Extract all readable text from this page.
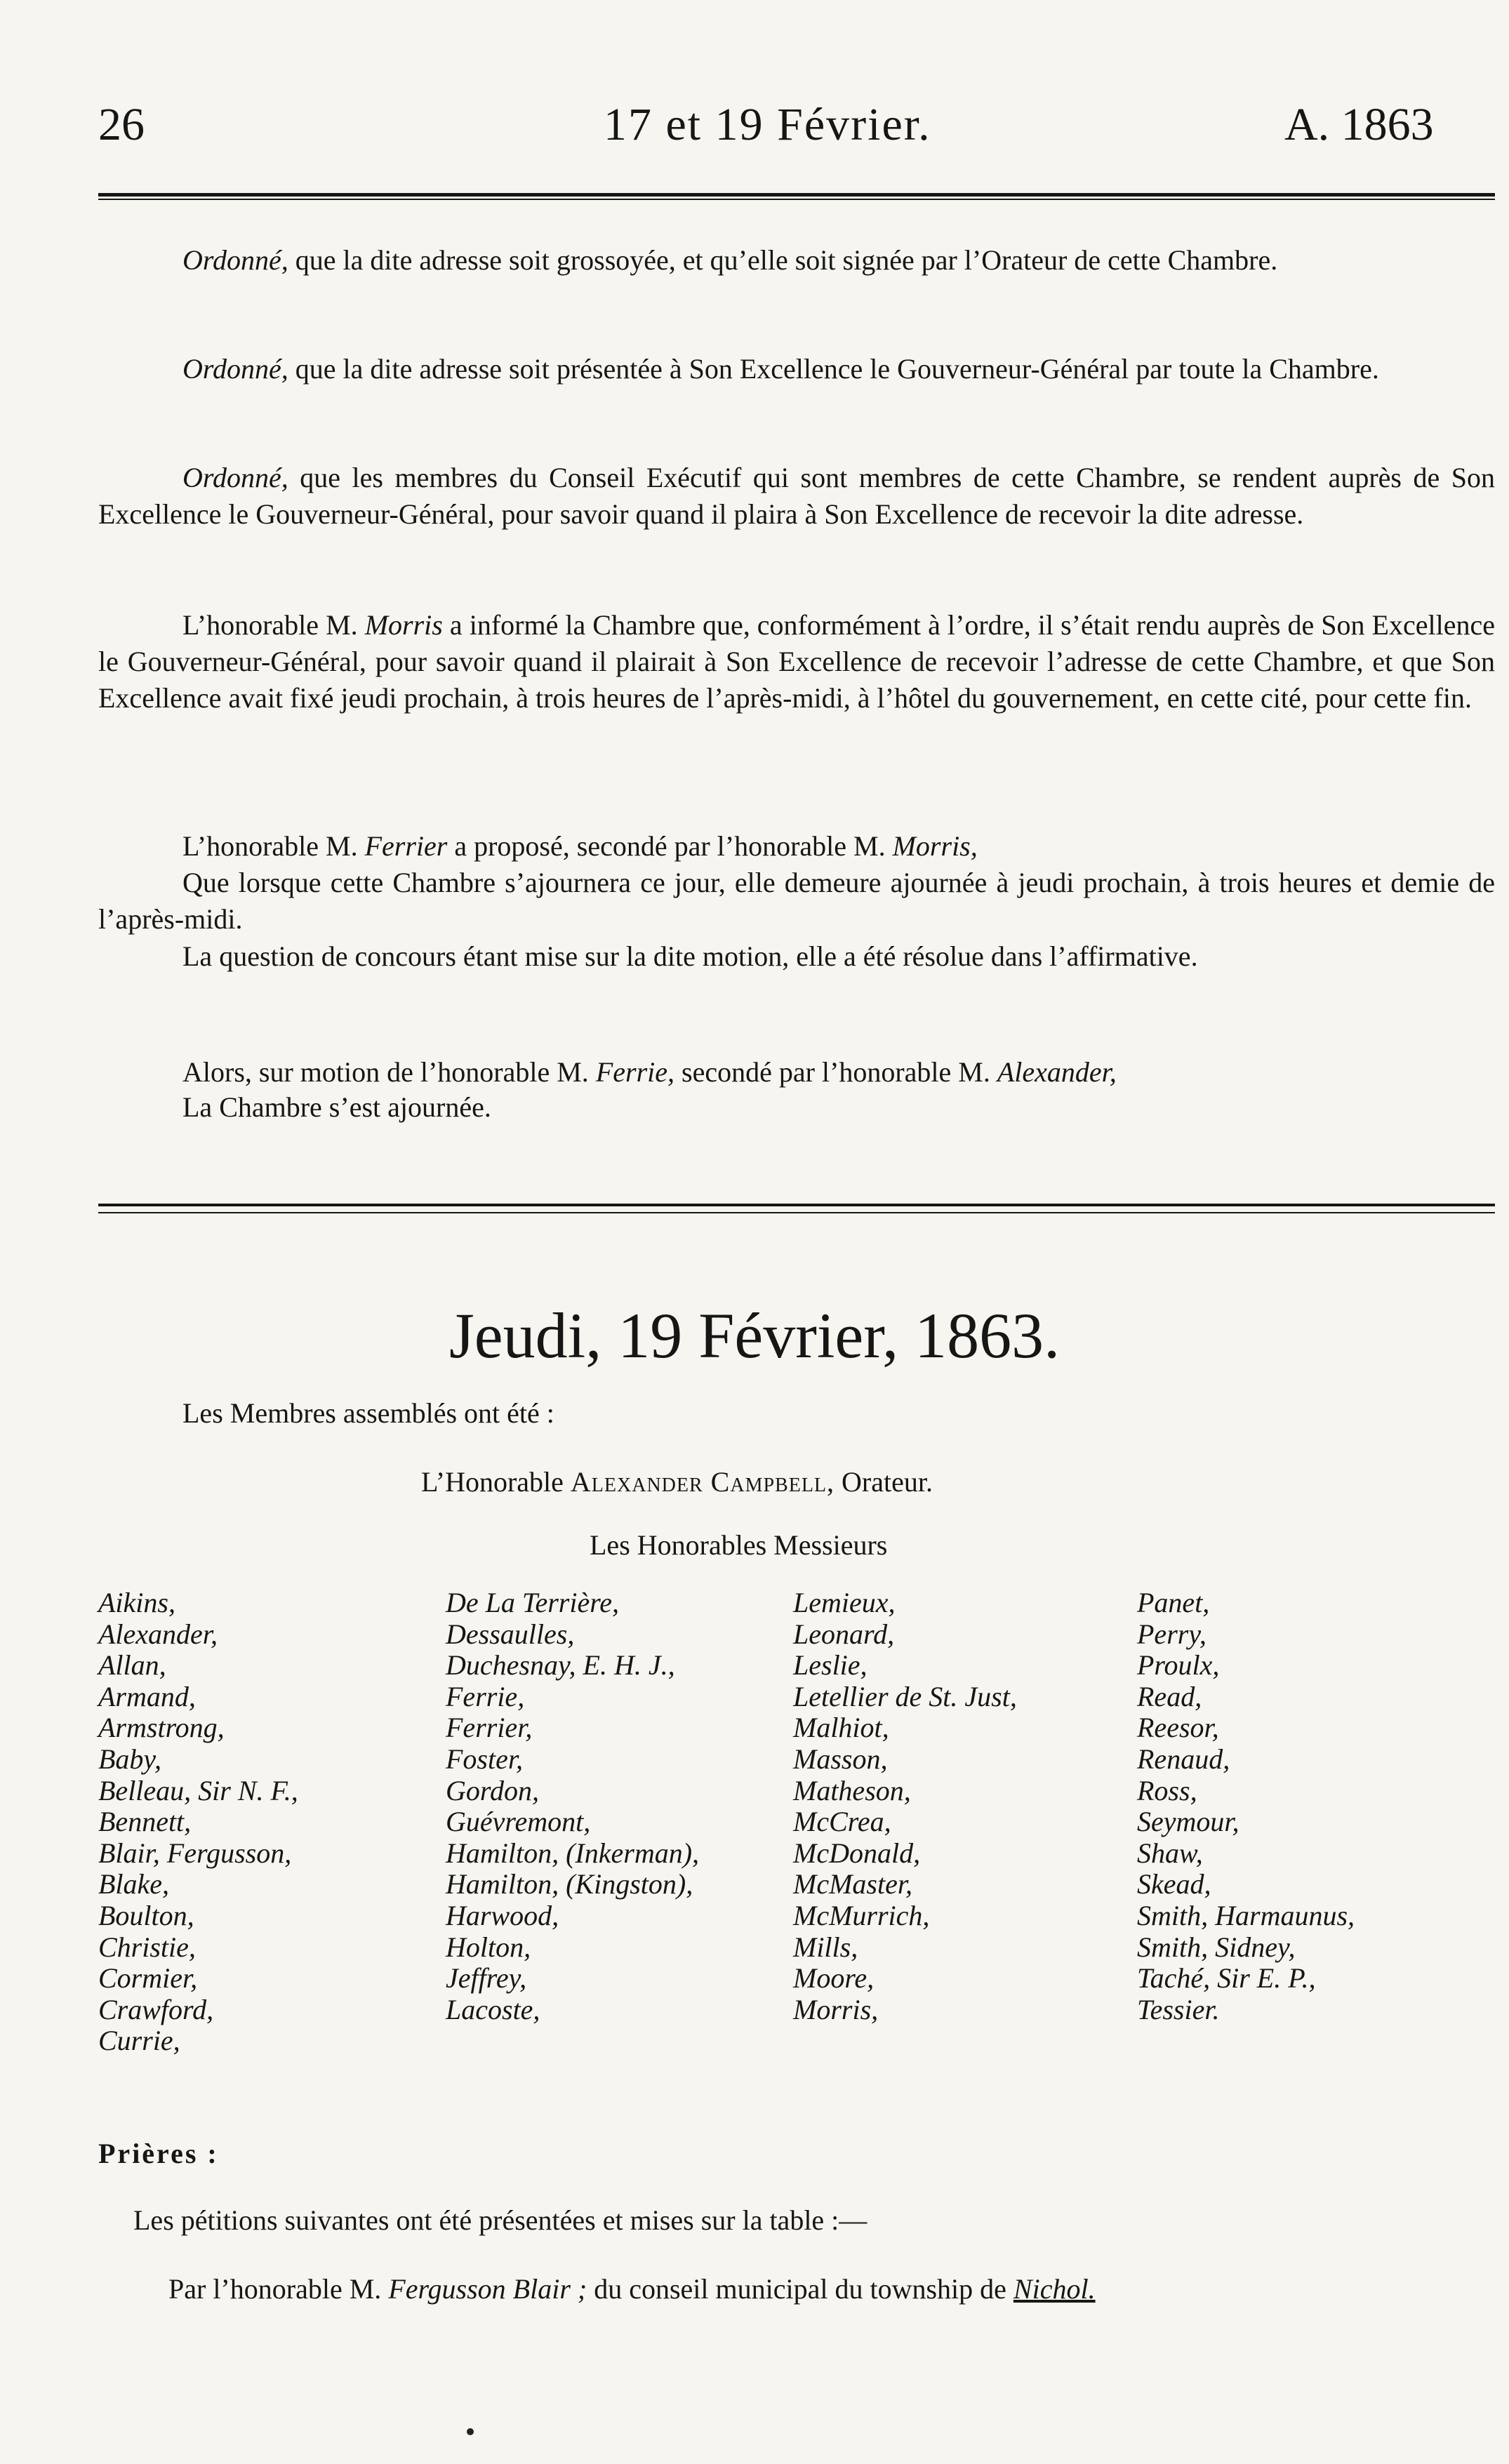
26	17 et 19 Février.	A. 1863
Ordonné, que la dite adresse soit grossoyée, et qu’elle soit signée par l’Orateur de cette Chambre.
Ordonné, que la dite adresse soit présentée à Son Excellence le Gouverneur-Général par toute la Chambre.
Ordonné, que les membres du Conseil Exécutif qui sont membres de cette Chambre, se rendent auprès de Son Excellence le Gouverneur-Général, pour savoir quand il plaira à Son Excellence de recevoir la dite adresse.
L’honorable M. Morris a informé la Chambre que, conformément à l’ordre, il s’était rendu auprès de Son Excellence le Gouverneur-Général, pour savoir quand il plairait à Son Excellence de recevoir l’adresse de cette Chambre, et que Son Excellence avait fixé jeudi prochain, à trois heures de l’après-midi, à l’hôtel du gouvernement, en cette cité, pour cette fin.
L’honorable M. Ferrier a proposé, secondé par l’honorable M. Morris,
Que lorsque cette Chambre s’ajournera ce jour, elle demeure ajournée à jeudi prochain, à trois heures et demie de l’après-midi.
La question de concours étant mise sur la dite motion, elle a été résolue dans l’affirmative.
Alors, sur motion de l’honorable M. Ferrie, secondé par l’honorable M. Alexander,
La Chambre s’est ajournée.
Jeudi, 19 Février, 1863.
Les Membres assemblés ont été :
L’Honorable Alexander Campbell, Orateur.
Les Honorables Messieurs
Aikins,
Alexander,
Allan,
Armand,
Armstrong,
Baby,
Belleau, Sir N. F.,
Bennett,
Blair, Fergusson,
Blake,
Boulton,
Christie,
Cormier,
Crawford,
Currie,
De La Terrière,
Dessaulles,
Duchesnay, E. H. J.,
Ferrie,
Ferrier,
Foster,
Gordon,
Guévremont,
Hamilton, (Inkerman),
Hamilton, (Kingston),
Harwood,
Holton,
Jeffrey,
Lacoste,
Lemieux,
Leonard,
Leslie,
Letellier de St. Just,
Malhiot,
Masson,
Matheson,
McCrea,
McDonald,
McMaster,
McMurrich,
Mills,
Moore,
Morris,
Panet,
Perry,
Proulx,
Read,
Reesor,
Renaud,
Ross,
Seymour,
Shaw,
Skead,
Smith, Harmaunus,
Smith, Sidney,
Taché, Sir E. P.,
Tessier.
Prières :
Les pétitions suivantes ont été présentées et mises sur la table :—
Par l’honorable M. Fergusson Blair ; du conseil municipal du township de Nichol.
